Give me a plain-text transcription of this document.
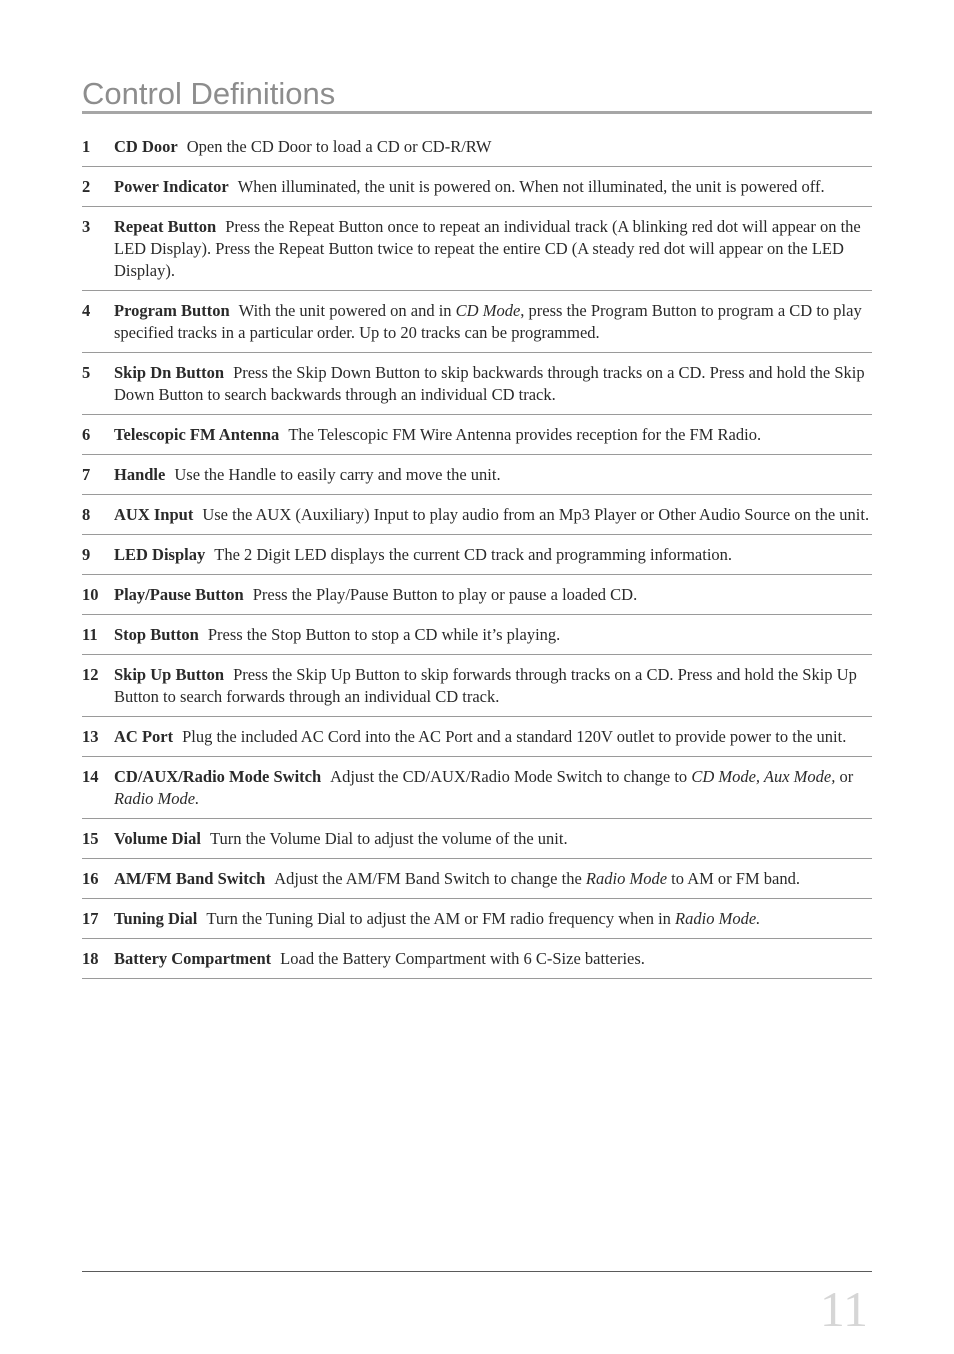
Control Definitions
1	CD Door Open the CD Door to load a CD or CD-R/RW
2	Power Indicator When illuminated, the unit is powered on. When not illuminated, the unit is powered off.
3	Repeat Button Press the Repeat Button once to repeat an individual track (A blinking red dot will appear on the LED Display). Press the Repeat Button twice to repeat the entire CD (A steady red dot will appear on the LED Display).
4	Program Button With the unit powered on and in CD Mode, press the Program Button to program a CD to play specified tracks in a particular order. Up to 20 tracks can be programmed.
5	Skip Dn Button Press the Skip Down Button to skip backwards through tracks on a CD. Press and hold the Skip Down Button to search backwards through an individual CD track.
6	Telescopic FM Antenna The Telescopic FM Wire Antenna provides reception for the FM Radio.
7	Handle Use the Handle to easily carry and move the unit.
8	AUX Input Use the AUX (Auxiliary) Input to play audio from an Mp3 Player or Other Audio Source on the unit.
9	LED Display The 2 Digit LED displays the current CD track and programming information.
10 Play/Pause Button Press the Play/Pause Button to play or pause a loaded CD.
11 Stop Button Press the Stop Button to stop a CD while it’s playing.
12 Skip Up Button Press the Skip Up Button to skip forwards through tracks on a CD. Press and hold the Skip Up Button to search forwards through an individual CD track.
13 AC Port Plug the included AC Cord into the AC Port and a standard 120V outlet to provide power to the unit.
14 CD/AUX/Radio Mode Switch Adjust the CD/AUX/Radio Mode Switch to change to CD Mode, Aux Mode, or Radio Mode.
15 Volume Dial Turn the Volume Dial to adjust the volume of the unit.
16 AM/FM Band Switch Adjust the AM/FM Band Switch to change the Radio Mode to AM or FM band.
17 Tuning Dial Turn the Tuning Dial to adjust the AM or FM radio frequency when in Radio Mode.
18 Battery Compartment Load the Battery Compartment with 6 C-Size batteries.
11
